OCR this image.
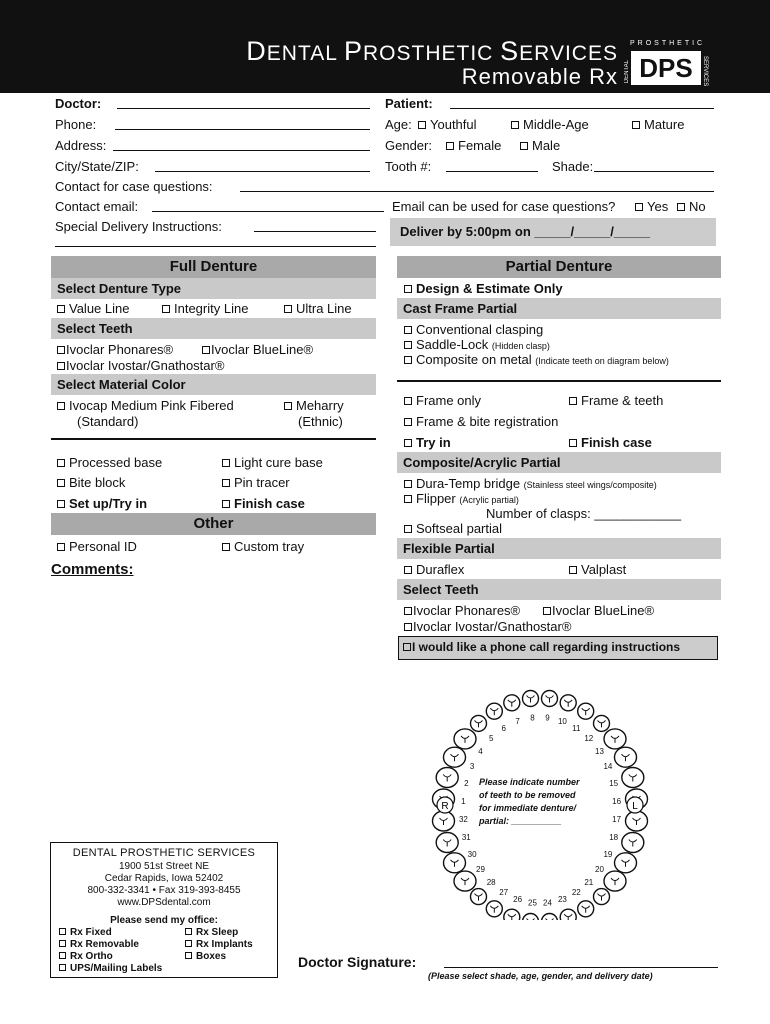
DENTAL PROSTHETIC SERVICES
Removable Rx
PROSTHETIC
DPS
DENTAL	SERVICES
Doctor:
Phone:
Address:
City/State/ZIP:
Patient:
Age:	Youthful	Middle-Age	Mature
Gender:	Female	Male
Tooth #:	Shade:
Contact for case questions:
Contact email:	Email can be used for case questions?	Yes	No
Special Delivery Instructions:	Deliver by 5:00pm on _____/_____/_____
Full Denture
Select Denture Type
Value Line	Integrity Line	Ultra Line
Select Teeth
Ivoclar Phonares®	Ivoclar BlueLine®
Ivoclar Ivostar/Gnathostar®
Select Material Color
Ivocap Medium Pink Fibered
(Standard)
Meharry
(Ethnic)
Processed base
Bite block
Set up/Try in
Light cure base
Pin tracer
Finish case
Other
Personal ID	Custom tray
Comments:
Partial Denture
Design & Estimate Only
Cast Frame Partial
Conventional clasping
Saddle-Lock (Hidden clasp)
Composite on metal (Indicate teeth on diagram below)
Frame only
Frame & bite registration
Try in
Frame & teeth
Finish case
Composite/Acrylic Partial
Dura-Temp bridge (Stainless steel wings/composite)
Flipper (Acrylic partial)
Number of clasps: ____________
Softseal partial
Flexible Partial
Duraflex	Valplast
Select Teeth
Ivoclar Phonares®	Ivoclar BlueLine®
Ivoclar Ivostar/Gnathostar®
I would like a phone call regarding instructions
1
2
3
4
5
6
7 8 9 10
11
12
13
14
15
16
17
18
19
20
21
22
23
24
25
26
27
28
29
30
31
32
R	L
Please indicate number
of teeth to be removed
for immediate denture/
partial: __________
DENTAL PROSTHETIC SERVICES
1900 51st Street NE
Cedar Rapids, Iowa 52402
800-332-3341 • Fax 319-393-8455
www.DPSdental.com
Please send my office:
Rx Fixed
Rx Removable
Rx Ortho
UPS/Mailing Labels
Rx Sleep
Rx Implants
Boxes	Doctor Signature:
(Please select shade, age, gender, and delivery date)
